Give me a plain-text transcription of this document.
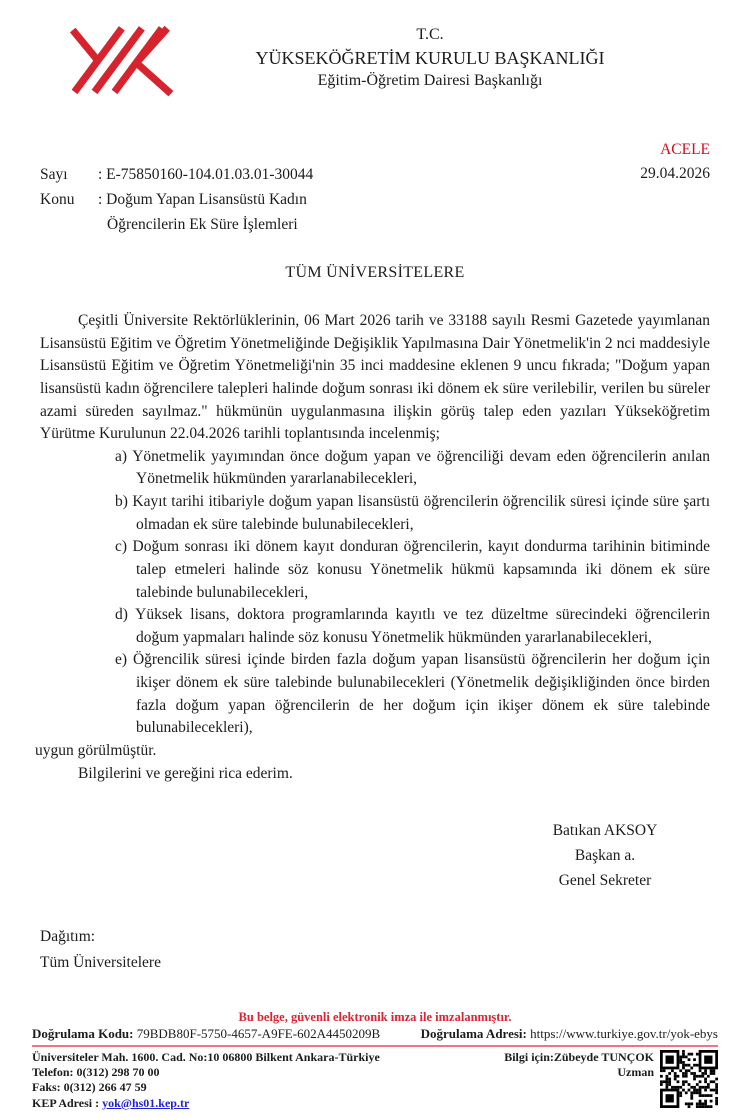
T.C.
YÜKSEKÖĞRETİM KURULU BAŞKANLIĞI
Eğitim-Öğretim Dairesi Başkanlığı
ACELE
29.04.2026
Sayı	: E-75850160-104.01.03.01-30044
Konu	: Doğum Yapan Lisansüstü Kadın
Öğrencilerin Ek Süre İşlemleri
TÜM ÜNİVERSİTELERE

Çeşitli Üniversite Rektörlüklerinin, 06 Mart 2026 tarih ve 33188 sayılı Resmi Gazetede yayımlanan Lisansüstü Eğitim ve Öğretim Yönetmeliğinde Değişiklik Yapılmasına Dair Yönetmelik'in 2 nci maddesiyle Lisansüstü Eğitim ve Öğretim Yönetmeliği'nin 35 inci maddesine eklenen 9 uncu fıkrada; "Doğum yapan lisansüstü kadın öğrencilere talepleri halinde doğum sonrası iki dönem ek süre verilebilir, verilen bu süreler azami süreden sayılmaz." hükmünün uygulanmasına ilişkin görüş talep eden yazıları Yükseköğretim Yürütme Kurulunun 22.04.2026 tarihli toplantısında incelenmiş;

a) Yönetmelik yayımından önce doğum yapan ve öğrenciliği devam eden öğrencilerin anılan Yönetmelik hükmünden yararlanabilecekleri,
b) Kayıt tarihi itibariyle doğum yapan lisansüstü öğrencilerin öğrencilik süresi içinde süre şartı olmadan ek süre talebinde bulunabilecekleri,
c) Doğum sonrası iki dönem kayıt donduran öğrencilerin, kayıt dondurma tarihinin bitiminde talep etmeleri halinde söz konusu Yönetmelik hükmü kapsamında iki dönem ek süre talebinde bulunabilecekleri,
d) Yüksek lisans, doktora programlarında kayıtlı ve tez düzeltme sürecindeki öğrencilerin doğum yapmaları halinde söz konusu Yönetmelik hükmünden yararlanabilecekleri,
e) Öğrencilik süresi içinde birden fazla doğum yapan lisansüstü öğrencilerin her doğum için ikişer dönem ek süre talebinde bulunabilecekleri (Yönetmelik değişikliğinden önce birden fazla doğum yapan öğrencilerin de her doğum için ikişer dönem ek süre talebinde bulunabilecekleri),

uygun görülmüştür.

Bilgilerini ve gereğini rica ederim.

Batıkan AKSOY
Başkan a.
Genel Sekreter
Dağıtım:
Tüm Üniversitelere
Bu belge, güvenli elektronik imza ile imzalanmıştır.
Doğrulama Kodu: 79BDB80F-5750-4657-A9FE-602A4450209B	Doğrulama Adresi: https://www.turkiye.gov.tr/yok-ebys
Üniversiteler Mah. 1600. Cad. No:10 06800 Bilkent Ankara-Türkiye
Telefon: 0(312) 298 70 00
Faks: 0(312) 266 47 59
KEP Adresi : yok@hs01.kep.tr
Bilgi için:Zübeyde TUNÇOK
Uzman
